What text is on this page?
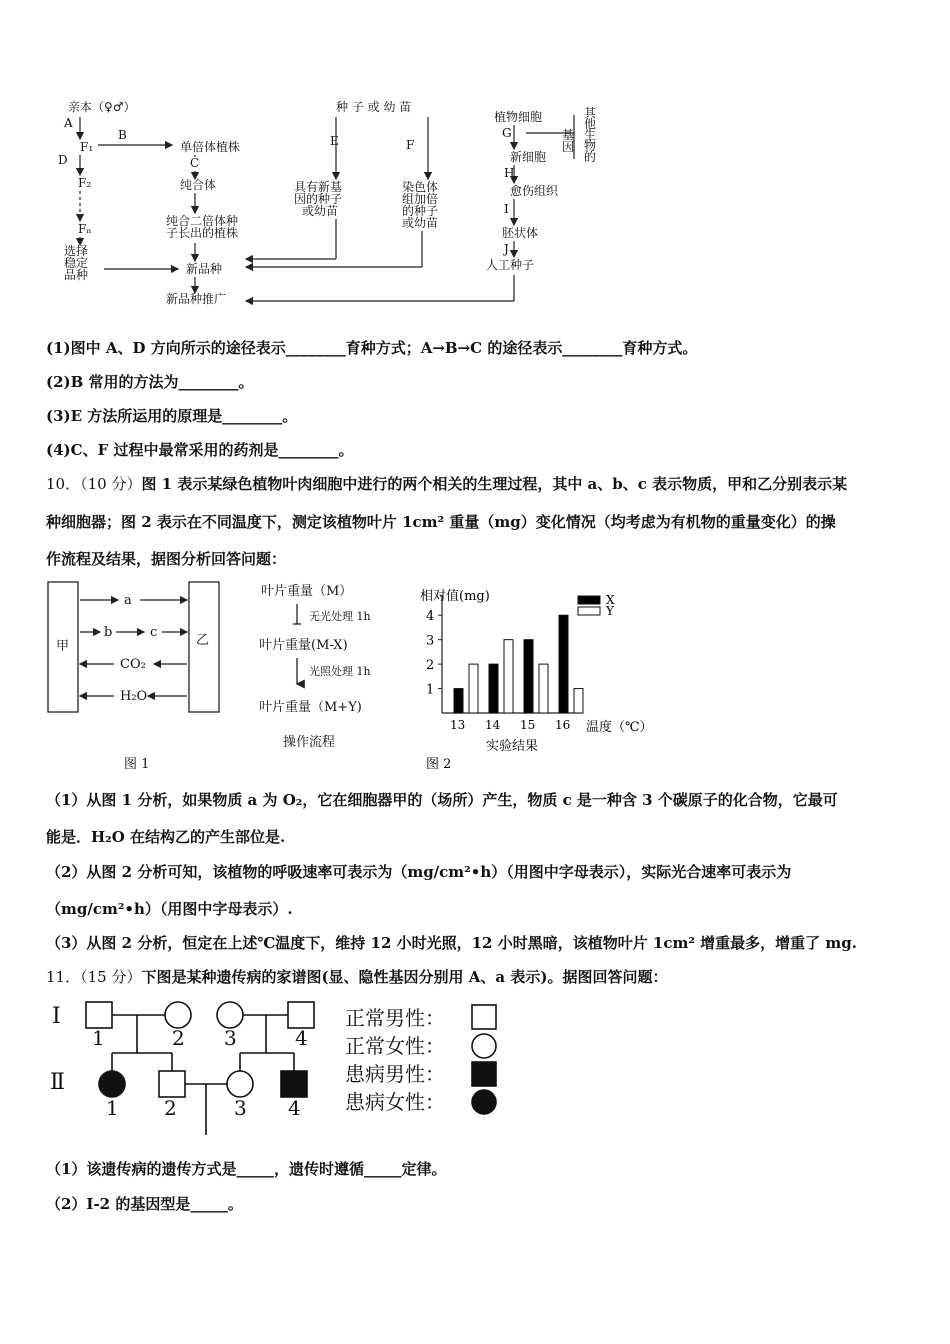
亲本（♀♂）
A
F₁
D
F₂
Fₙ
选择
稳定
品种
B
单倍体植株
C
纯合体
纯合二倍体种
子长出的植株
新品种
新品种推广
种 子 或 幼 苗
E	F
具有新基
因的种子
或幼苗
染色体
组加倍
的种子
或幼苗
植物细胞
G	基
因
其
他
生
物
的
新细胞
H
愈伤组织
I
胚状体
J
人工种子
(1)图中 A、D 方向所示的途径表示________育种方式；A→B→C 的途径表示________育种方式。
(2)B 常用的方法为________。
(3)E 方法所运用的原理是________。
(4)C、F 过程中最常采用的药剂是________。
10．（10 分）图 1 表示某绿色植物叶肉细胞中进行的两个相关的生理过程，其中 a、b、c 表示物质，甲和乙分别表示某
种细胞器；图 2 表示在不同温度下，测定该植物叶片 1cm² 重量（mg）变化情况（均考虑为有机物的重量变化）的操
作流程及结果，据图分析回答问题：
甲	乙
a
b	c
CO₂
H₂O
图 1
叶片重量（M）
无光处理 1h
叶片重量(M-X)
光照处理 1h
叶片重量（M+Y)
操作流程
相对值(mg)
温度（℃）
实验结果
图 2
1
2
3
4
13 14 15 16
X
Y
（1）从图 1 分析，如果物质 a 为 O₂，它在细胞器甲的（场所）产生，物质 c 是一种含 3 个碳原子的化合物，它最可
能是．H₂O 在结构乙的产生部位是.
（2）从图 2 分析可知，该植物的呼吸速率可表示为（mg/cm²•h）（用图中字母表示），实际光合速率可表示为
（mg/cm²•h）（用图中字母表示）.
（3）从图 2 分析，恒定在上述℃温度下，维持 12 小时光照，12 小时黑暗，该植物叶片 1cm² 增重最多，增重了 mg.
11．（15 分）下图是某种遗传病的家谱图(显、隐性基因分别用 A、a 表示)。据图回答问题：
Ⅰ
Ⅱ
1	2 3	4
1 2	3 4
正常男性：
正常女性：
患病男性：
患病女性：
（1）该遗传病的遗传方式是_____，遗传时遵循_____定律。
（2）Ⅰ-2 的基因型是_____。
